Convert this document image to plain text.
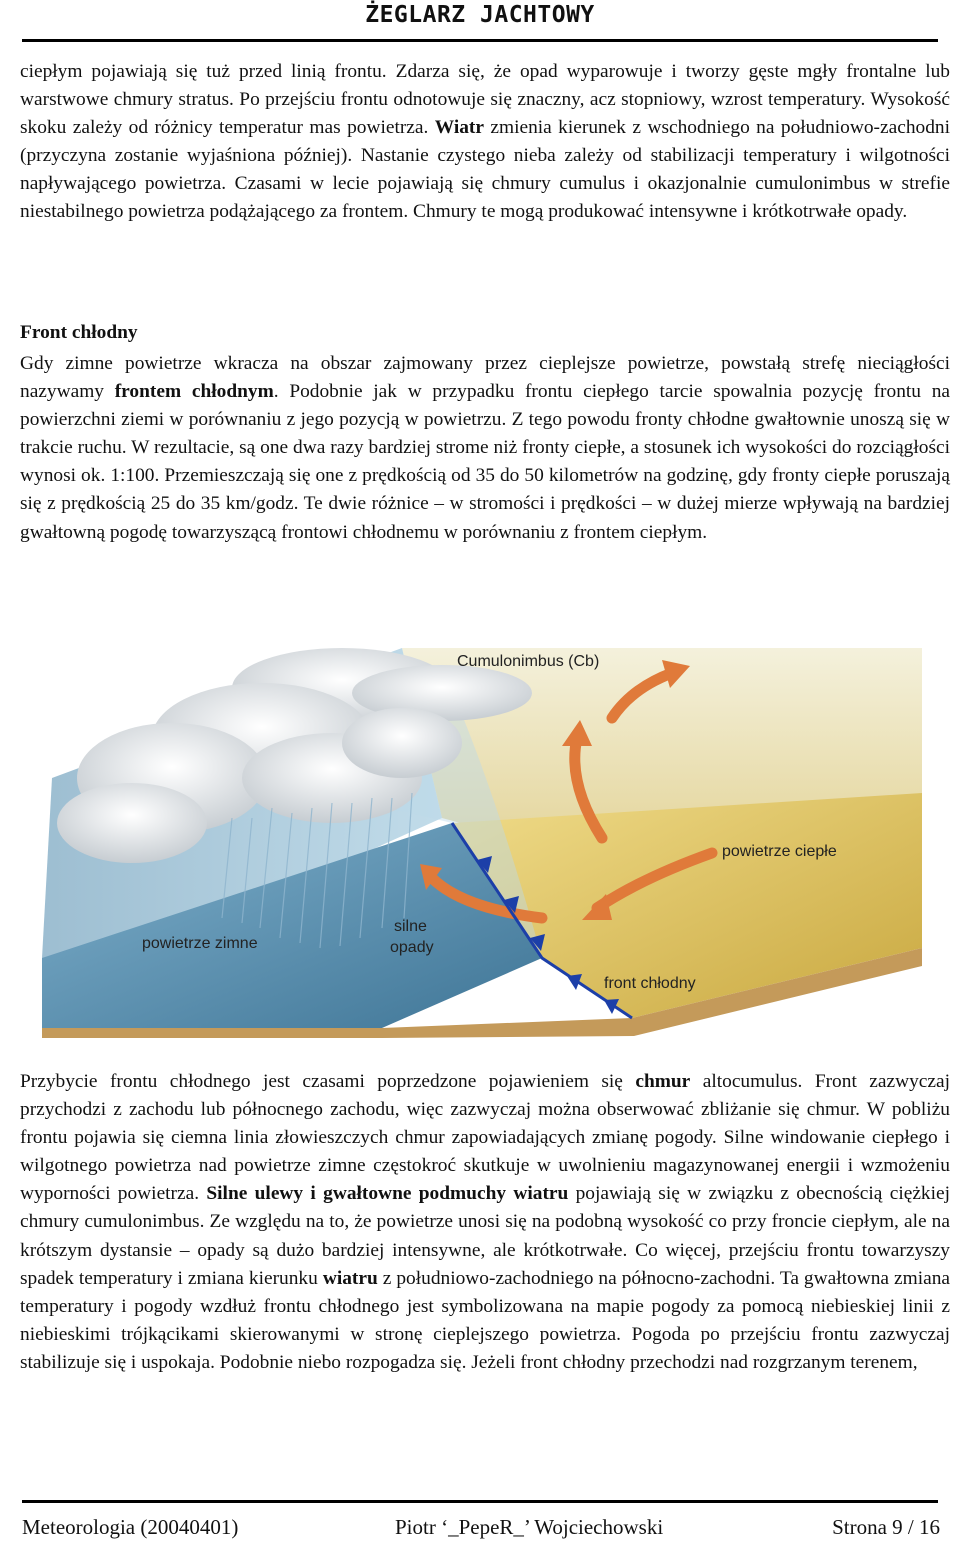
ŻEGLARZ JACHTOWY
ciepłym pojawiają się tuż przed linią frontu. Zdarza się, że opad wyparowuje i tworzy gęste mgły frontalne lub warstwowe chmury stratus. Po przejściu frontu odnotowuje się znaczny, acz stopniowy, wzrost temperatury. Wysokość skoku zależy od różnicy temperatur mas powietrza. Wiatr zmienia kierunek z wschodniego na południowo-zachodni (przyczyna zostanie wyjaśniona później). Nastanie czystego nieba zależy od stabilizacji temperatury i wilgotności napływającego powietrza. Czasami w lecie pojawiają się chmury cumulus i okazjonalnie cumulonimbus w strefie niestabilnego powietrza podążającego za frontem. Chmury te mogą produkować intensywne i krótkotrwałe opady.
Front chłodny
Gdy zimne powietrze wkracza na obszar zajmowany przez cieplejsze powietrze, powstałą strefę nieciągłości nazywamy frontem chłodnym. Podobnie jak w przypadku frontu ciepłego tarcie spowalnia pozycję frontu na powierzchni ziemi w porównaniu z jego pozycją w powietrzu. Z tego powodu fronty chłodne gwałtownie unoszą się w trakcie ruchu. W rezultacie, są one dwa razy bardziej strome niż fronty ciepłe, a stosunek ich wysokości do rozciągłości wynosi ok. 1:100. Przemieszczają się one z prędkością od 35 do 50 kilometrów na godzinę, gdy fronty ciepłe poruszają się z prędkością 25 do 35 km/godz. Te dwie różnice – w stromości i prędkości – w dużej mierze wpływają na bardziej gwałtowną pogodę towarzyszącą frontowi chłodnemu w porównaniu z frontem ciepłym.
Cumulonimbus (Cb)
powietrze ciepłe
powietrze zimne
silne
opady
front chłodny
Przybycie frontu chłodnego jest czasami poprzedzone pojawieniem się chmur altocumulus. Front zazwyczaj przychodzi z zachodu lub północnego zachodu, więc zazwyczaj można obserwować zbliżanie się chmur. W pobliżu frontu pojawia się ciemna linia złowieszczych chmur zapowiadających zmianę pogody. Silne windowanie ciepłego i wilgotnego powietrza nad powietrze zimne częstokroć skutkuje w uwolnieniu magazynowanej energii i wzmożeniu wyporności powietrza. Silne ulewy i gwałtowne podmuchy wiatru pojawiają się w związku z obecnością ciężkiej chmury cumulonimbus. Ze względu na to, że powietrze unosi się na podobną wysokość co przy froncie ciepłym, ale na krótszym dystansie – opady są dużo bardziej intensywne, ale krótkotrwałe. Co więcej, przejściu frontu towarzyszy spadek temperatury i zmiana kierunku wiatru z południowo-zachodniego na północno-zachodni. Ta gwałtowna zmiana temperatury i pogody wzdłuż frontu chłodnego jest symbolizowana na mapie pogody za pomocą niebieskiej linii z niebieskimi trójkącikami skierowanymi w stronę cieplejszego powietrza. Pogoda po przejściu frontu zazwyczaj stabilizuje się i uspokaja. Podobnie niebo rozpogadza się. Jeżeli front chłodny przechodzi nad rozgrzanym terenem,
Meteorologia (20040401)	Piotr ‘_PepeR_’ Wojciechowski	Strona 9 / 16
